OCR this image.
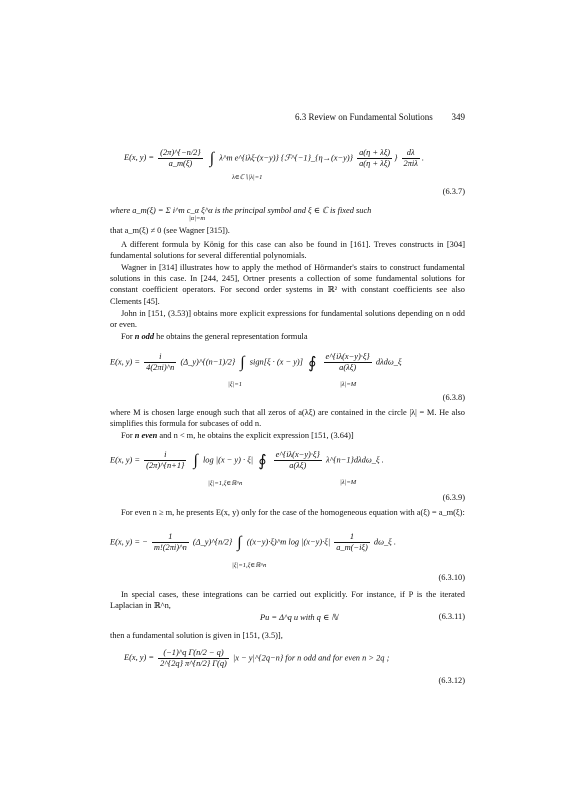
6.3 Review on Fundamental Solutions 349
E(x, $y) = \frac{(2\pi)\^{}\{-n/2\}}{a\_m(\xi)}$ ∫ λ^m e^{iλξ·(x−y)} {ℱ^{−1}_{η→(x−y)} $\frac{a(\eta + \lambda\xi)}{a(\eta + \lambda\xi)}$ } $\frac{d\lambda}{\text{2πiλ}}$ .
λ∈ℂ∖|λ|=1
(6.3.7)
where a_m(ξ) = Σ i^m c_α ξ^α is the principal symbol and ξ ∈ ℂ is fixed such
|α|=m
that a_m(ξ) ≠ 0 (see Wagner [315]).
A different formula by König for this case can also be found in [161]. Treves constructs in [304] fundamental solutions for several differential polynomials.
Wagner in [314] illustrates how to apply the method of Hörmander's stairs to construct fundamental solutions in this case. In [244, 245], Ortner presents a collection of some fundamental solutions for constant coefficient operators. For second order systems in ℝ² with constant coefficients see also Clements [45].
John in [151, (3.53)] obtains more explicit expressions for fundamental solutions depending on n odd or even.
For n odd he obtains the general representation formula
E(x, $y) = \frac{i}{4(2\pi i)\^{}n}$ (Δ_y)^{(n−1)/2} ∫ sign[ξ · (x − y)] ∮ $\frac{e\^{}\{i\lambda(x-y)\cdot\xi\}}{a(\lambda\xi)}$ dλdω_ξ
|ξ|=1	|λ|=M
(6.3.8)
where M is chosen large enough such that all zeros of a(λξ) are contained in the circle |λ| = M. He also simplifies this formula for subcases of odd n.
For n even and n < m, he obtains the explicit expression [151, (3.64)]
E(x, $y) = \frac{i}{(2\pi)\^{}\{n+1\}}$ ∫ log |(x − y) · ξ| ∮ $\frac{e\^{}\{i\lambda(x-y)\cdot\xi\}}{a(\lambda\xi)}$ λ^{n−1}dλdω_ξ .
|ξ|=1,ξ∈ℝ^n	|λ|=M
(6.3.9)
For even n ≥ m, he presents E(x, y) only for the case of the homogeneous equation with a(ξ) = a_m(ξ):
E(x, y) = − $\frac{1}{m!(2\pi i)\^{}n}$ (Δ_y)^{n/2} ∫ ((x−y)·ξ)^m $\log |(x-y)\cdot\xi| \frac{1}{a\_m(-i\xi)}$ dω_ξ .
|ξ|=1,ξ∈ℝ^n
(6.3.10)
In special cases, these integrations can be carried out explicitly. For instance, if P is the iterated Laplacian in ℝ^n,
Pu = Δ^q u with q ∈ ℕ	(6.3.11)
then a fundamental solution is given in [151, (3.5)],
E(x, $y) = \frac{\text{(−1)\textasciicircum{}q Γ(n/2 − q)}}{2\^{}\{2q\} \pi\^{}\{n/2\} \Gamma(q)} |x$ − y|^{2q−n} for n odd and for even n > 2q ;
(6.3.12)
